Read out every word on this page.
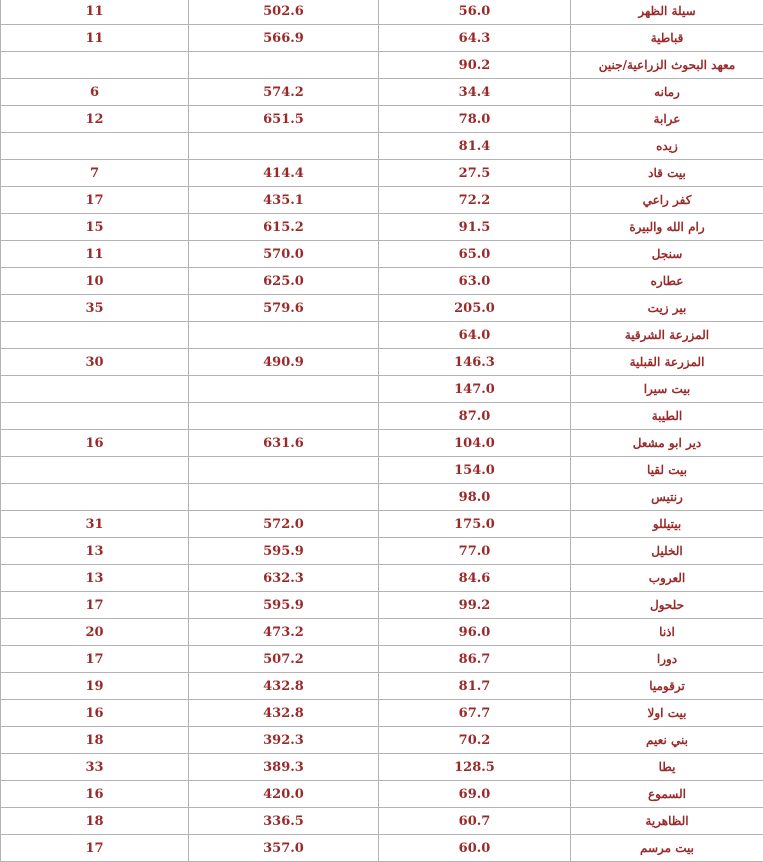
11	502.6	56.0	سيلة الظهر
11	566.9	64.3	قباطية
		90.2	معهد البحوث الزراعية/جنين
6	574.2	34.4	رمانه
12	651.5	78.0	عرابة
		81.4	زيده
7	414.4	27.5	بيت قاد
17	435.1	72.2	كفر راعي
15	615.2	91.5	رام الله والبيرة
11	570.0	65.0	سنجل
10	625.0	63.0	عطاره
35	579.6	205.0	بير زيت
		64.0	المزرعة الشرقية
30	490.9	146.3	المزرعة القبلية
		147.0	بيت سيرا
		87.0	الطيبة
16	631.6	104.0	دير ابو مشعل
		154.0	بيت لقيا
		98.0	رنتيس
31	572.0	175.0	بيتيللو
13	595.9	77.0	الخليل
13	632.3	84.6	العروب
17	595.9	99.2	حلحول
20	473.2	96.0	اذنا
17	507.2	86.7	دورا
19	432.8	81.7	ترقوميا
16	432.8	67.7	بيت اولا
18	392.3	70.2	بني نعيم
33	389.3	128.5	يطا
16	420.0	69.0	السموع
18	336.5	60.7	الظاهرية
17	357.0	60.0	بيت مرسم
